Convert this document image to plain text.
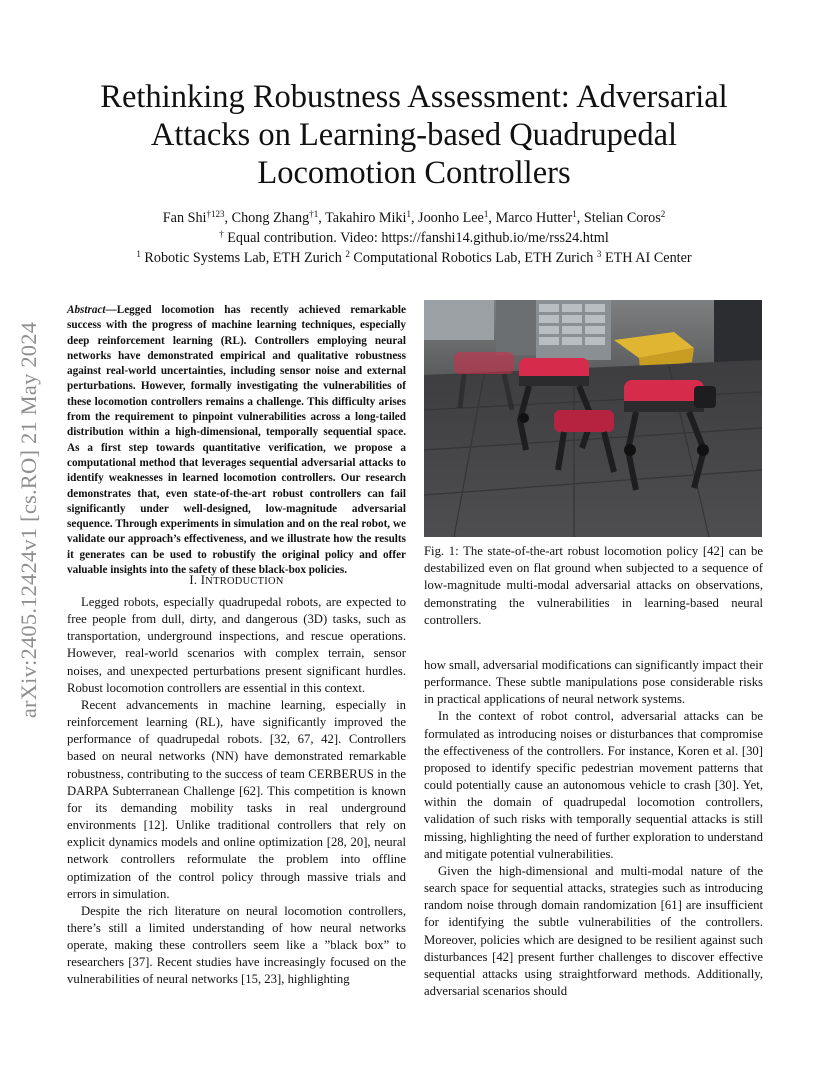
arXiv:2405.12424v1 [cs.RO] 21 May 2024
Rethinking Robustness Assessment: Adversarial
Attacks on Learning-based Quadrupedal
Locomotion Controllers
Fan Shi$^{\dagger 123}$, Chong Zhang$^{\dagger 1}$, Takahiro Miki$^1$, Joonho Lee$^1$, Marco Hutter$^1$, Stelian Coros$^2$
† Equal contribution. Video: https://fanshi14.github.io/me/rss24.html
$^1$ Robotic Systems Lab, ETH Zurich $^2$ Computational Robotics Lab, ETH Zurich $^3$ ETH AI Center
Abstract—Legged locomotion has recently achieved remarkable success with the progress of machine learning techniques, especially deep reinforcement learning (RL). Controllers employing neural networks have demonstrated empirical and qualitative robustness against real-world uncertainties, including sensor noise and external perturbations. However, formally investigating the vulnerabilities of these locomotion controllers remains a challenge. This difficulty arises from the requirement to pinpoint vulnerabilities across a long-tailed distribution within a high-dimensional, temporally sequential space. As a first step towards quantitative verification, we propose a computational method that leverages sequential adversarial attacks to identify weaknesses in learned locomotion controllers. Our research demonstrates that, even state-of-the-art robust controllers can fail significantly under well-designed, low-magnitude adversarial sequence. Through experiments in simulation and on the real robot, we validate our approach’s effectiveness, and we illustrate how the results it generates can be used to robustify the original policy and offer valuable insights into the safety of these black-box policies.
I. INTRODUCTION

Legged robots, especially quadrupedal robots, are expected to free people from dull, dirty, and dangerous (3D) tasks, such as transportation, underground inspections, and rescue operations. However, real-world scenarios with complex terrain, sensor noises, and unexpected perturbations present significant hurdles. Robust locomotion controllers are essential in this context.

Recent advancements in machine learning, especially in reinforcement learning (RL), have significantly improved the performance of quadrupedal robots. [32, 67, 42]. Controllers based on neural networks (NN) have demonstrated remarkable robustness, contributing to the success of team CERBERUS in the DARPA Subterranean Challenge [62]. This competition is known for its demanding mobility tasks in real underground environments [12]. Unlike traditional controllers that rely on explicit dynamics models and online optimization [28, 20], neural network controllers reformulate the problem into offline optimization of the control policy through massive trials and errors in simulation.

Despite the rich literature on neural locomotion controllers, there’s still a limited understanding of how neural networks operate, making these controllers seem like a ”black box” to researchers [37]. Recent studies have increasingly focused on the vulnerabilities of neural networks [15, 23], highlighting

Fig. 1: The state-of-the-art robust locomotion policy [42] can be destabilized even on flat ground when subjected to a sequence of low-magnitude multi-modal adversarial attacks on observations, demonstrating the vulnerabilities in learning-based neural controllers.

how small, adversarial modifications can significantly impact their performance. These subtle manipulations pose considerable risks in practical applications of neural network systems.

In the context of robot control, adversarial attacks can be formulated as introducing noises or disturbances that compromise the effectiveness of the controllers. For instance, Koren et al. [30] proposed to identify specific pedestrian movement patterns that could potentially cause an autonomous vehicle to crash [30]. Yet, within the domain of quadrupedal locomotion controllers, validation of such risks with temporally sequential attacks is still missing, highlighting the need of further exploration to understand and mitigate potential vulnerabilities.

Given the high-dimensional and multi-modal nature of the search space for sequential attacks, strategies such as introducing random noise through domain randomization [61] are insufficient for identifying the subtle vulnerabilities of the controllers. Moreover, policies which are designed to be resilient against such disturbances [42] present further challenges to discover effective sequential attacks using straightforward methods. Additionally, adversarial scenarios should
